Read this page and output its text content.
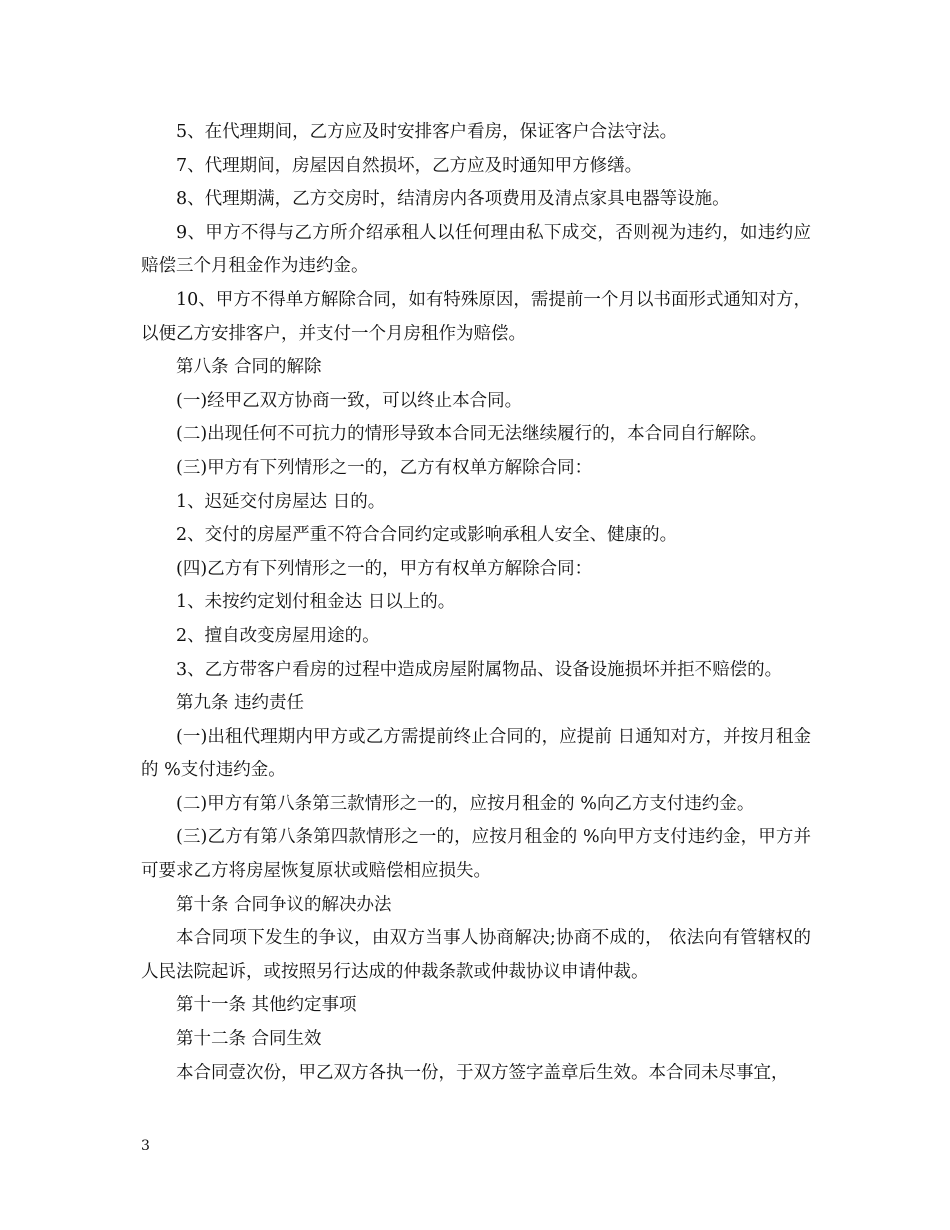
5、在代理期间，乙方应及时安排客户看房，保证客户合法守法。

7、代理期间，房屋因自然损坏，乙方应及时通知甲方修缮。

8、代理期满，乙方交房时，结清房内各项费用及清点家具电器等设施。

9、甲方不得与乙方所介绍承租人以任何理由私下成交，否则视为违约，如违约应赔偿三个月租金作为违约金。

10、甲方不得单方解除合同，如有特殊原因，需提前一个月以书面形式通知对方，以便乙方安排客户，并支付一个月房租作为赔偿。

第八条 合同的解除

(一)经甲乙双方协商一致，可以终止本合同。

(二)出现任何不可抗力的情形导致本合同无法继续履行的，本合同自行解除。

(三)甲方有下列情形之一的，乙方有权单方解除合同：

1、迟延交付房屋达 日的。

2、交付的房屋严重不符合合同约定或影响承租人安全、健康的。

(四)乙方有下列情形之一的，甲方有权单方解除合同：

1、未按约定划付租金达 日以上的。

2、擅自改变房屋用途的。

3、乙方带客户看房的过程中造成房屋附属物品、设备设施损坏并拒不赔偿的。

第九条 违约责任

(一)出租代理期内甲方或乙方需提前终止合同的，应提前 日通知对方，并按月租金的 %支付违约金。

(二)甲方有第八条第三款情形之一的，应按月租金的 %向乙方支付违约金。

(三)乙方有第八条第四款情形之一的，应按月租金的 %向甲方支付违约金，甲方并可要求乙方将房屋恢复原状或赔偿相应损失。

第十条 合同争议的解决办法

本合同项下发生的争议，由双方当事人协商解决;协商不成的， 依法向有管辖权的人民法院起诉，或按照另行达成的仲裁条款或仲裁协议申请仲裁。

第十一条 其他约定事项

第十二条 合同生效

本合同壹次份，甲乙双方各执一份，于双方签字盖章后生效。本合同未尽事宜，

3
